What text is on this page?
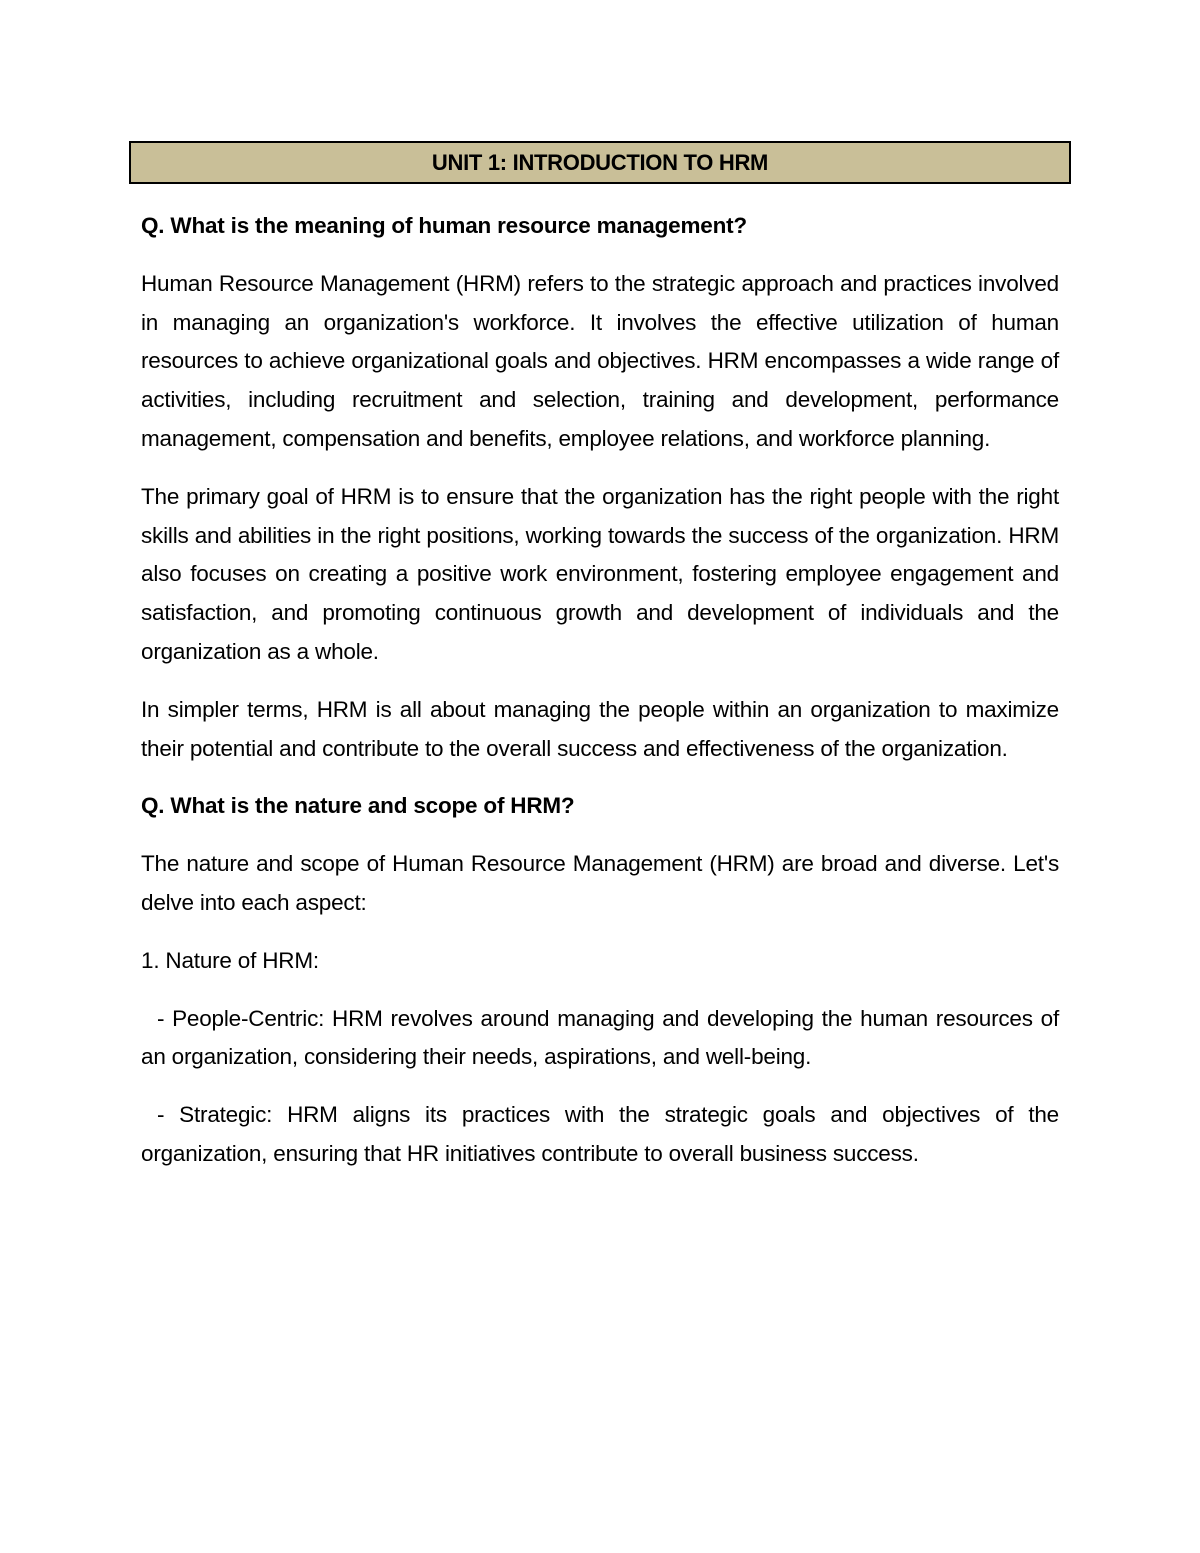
UNIT 1: INTRODUCTION TO HRM

Q. What is the meaning of human resource management?

Human Resource Management (HRM) refers to the strategic approach and practices involved in managing an organization's workforce. It involves the effective utilization of human resources to achieve organizational goals and objectives. HRM encompasses a wide range of activities, including recruitment and selection, training and development, performance management, compensation and benefits, employee relations, and workforce planning.

The primary goal of HRM is to ensure that the organization has the right people with the right skills and abilities in the right positions, working towards the success of the organization. HRM also focuses on creating a positive work environment, fostering employee engagement and satisfaction, and promoting continuous growth and development of individuals and the organization as a whole.

In simpler terms, HRM is all about managing the people within an organization to maximize their potential and contribute to the overall success and effectiveness of the organization.

Q. What is the nature and scope of HRM?

The nature and scope of Human Resource Management (HRM) are broad and diverse. Let's delve into each aspect:

1. Nature of HRM:

- People-Centric: HRM revolves around managing and developing the human resources of an organization, considering their needs, aspirations, and well-being.

- Strategic: HRM aligns its practices with the strategic goals and objectives of the organization, ensuring that HR initiatives contribute to overall business success.
